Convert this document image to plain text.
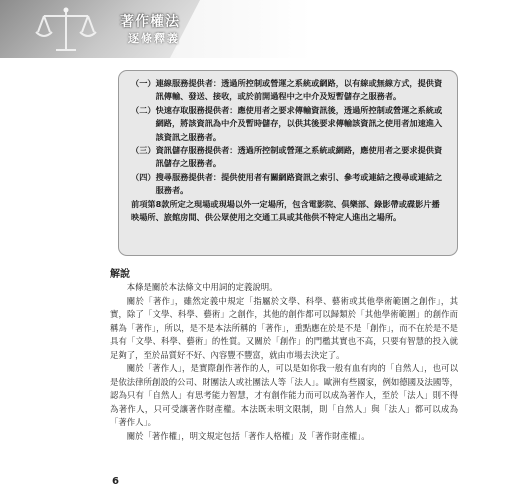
著作權法
逐條釋義
（一） 連線服務提供者：透過所控制或營運之系統或網路，以有線或無線方式，提供資訊傳輸、發送、接收，或於前開過程中之中介及短暫儲存之服務者。
（二） 快速存取服務提供者：應使用者之要求傳輸資訊後，透過所控制或營運之系統或網路，將該資訊為中介及暫時儲存，以供其後要求傳輸該資訊之使用者加速進入該資訊之服務者。
（三） 資訊儲存服務提供者：透過所控制或營運之系統或網路，應使用者之要求提供資訊儲存之服務者。
（四） 搜尋服務提供者：提供使用者有關網路資訊之索引、參考或連結之搜尋或連結之服務者。
前項第8款所定之現場或現場以外一定場所，包含電影院、俱樂部、錄影帶或碟影片播映場所、旅館房間、供公眾使用之交通工具或其他供不特定人進出之場所。
解說

本條是關於本法條文中用詞的定義說明。

關於「著作」，雖然定義中規定「指屬於文學、科學、藝術或其他學術範圍之創作」，其實，除了「文學、科學、藝術」之創作，其他的創作都可以歸類於「其他學術範圍」的創作而稱為「著作」，所以，是不是本法所稱的「著作」，重點應在於是不是「創作」，而不在於是不是具有「文學、科學、藝術」的性質。又關於「創作」的門檻其實也不高，只要有智慧的投入就足夠了，至於品質好不好、內容豐不豐富，就由市場去決定了。

關於「著作人」，是實際創作著作的人，可以是如你我一般有血有肉的「自然人」，也可以是依法律所創設的公司、財團法人或社團法人等「法人」。歐洲有些國家，例如德國及法國等，認為只有「自然人」有思考能力智慧，才有創作能力而可以成為著作人，至於「法人」則不得為著作人，只可受讓著作財產權。本法既未明文限制，則「自然人」與「法人」都可以成為「著作人」。

關於「著作權」，明文規定包括「著作人格權」及「著作財產權」。

6
